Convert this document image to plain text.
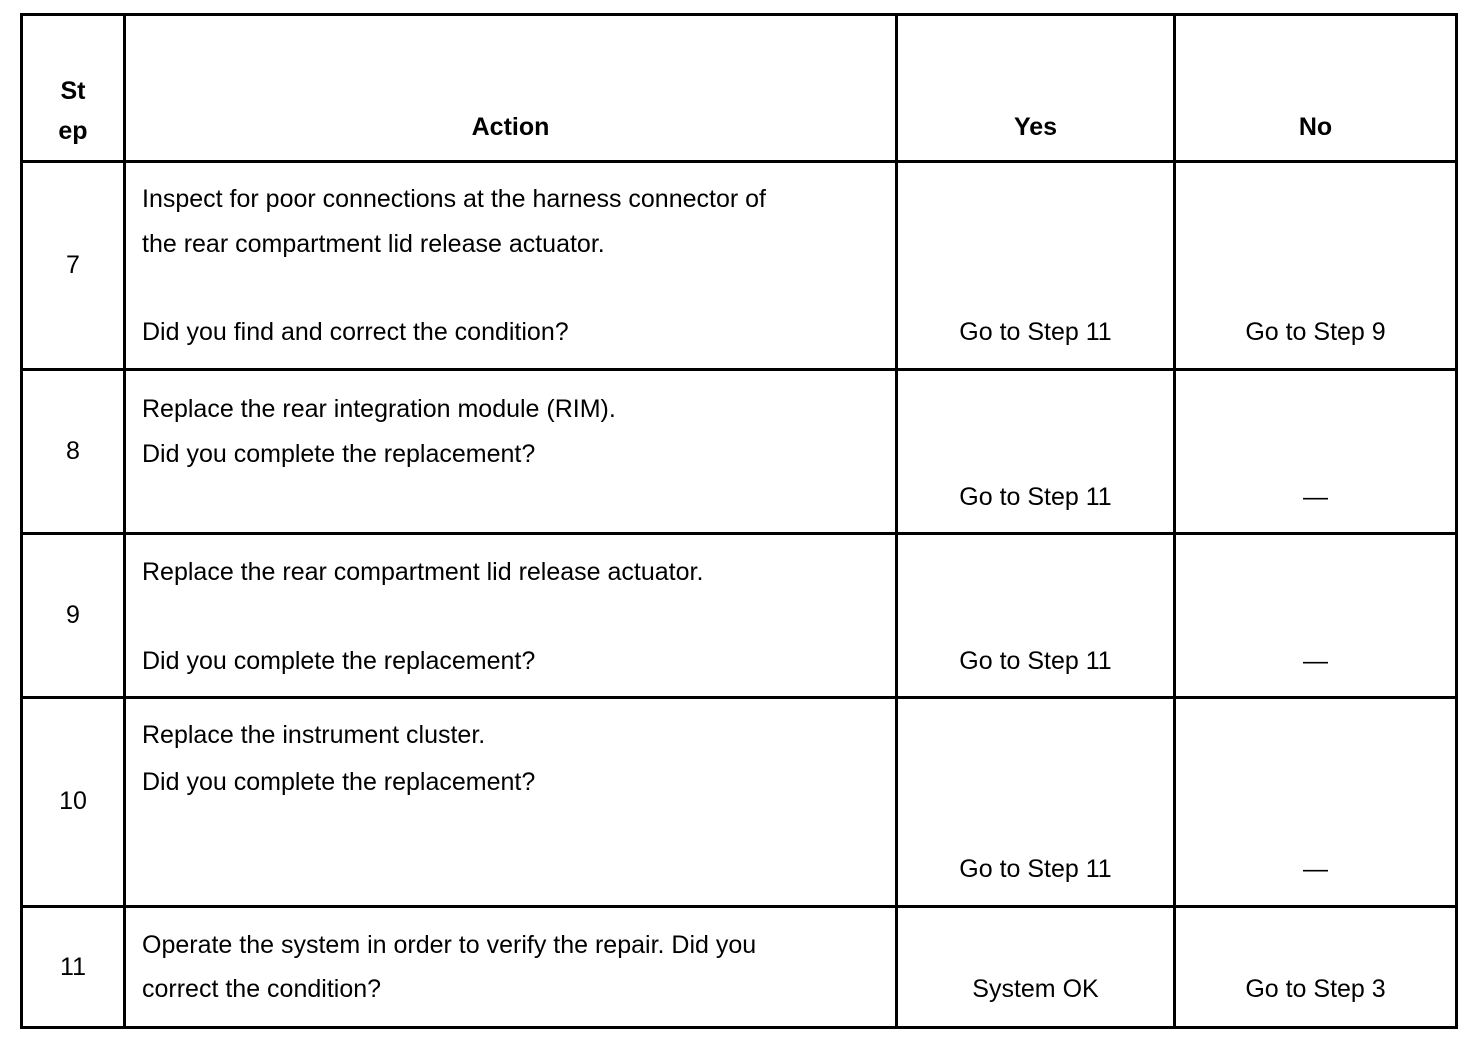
St
ep	Action	Yes	No

7	Inspect for poor connections at the harness connector of
the rear compartment lid release actuator.
Did you find and correct the condition?	Go to Step 11	Go to Step 9

8	Replace the rear integration module (RIM).
Did you complete the replacement?	Go to Step 11	—

9	Replace the rear compartment lid release actuator.
Did you complete the replacement?	Go to Step 11	—

10	Replace the instrument cluster.
Did you complete the replacement?	Go to Step 11	—

11	Operate the system in order to verify the repair. Did you
correct the condition?	System OK	Go to Step 3
